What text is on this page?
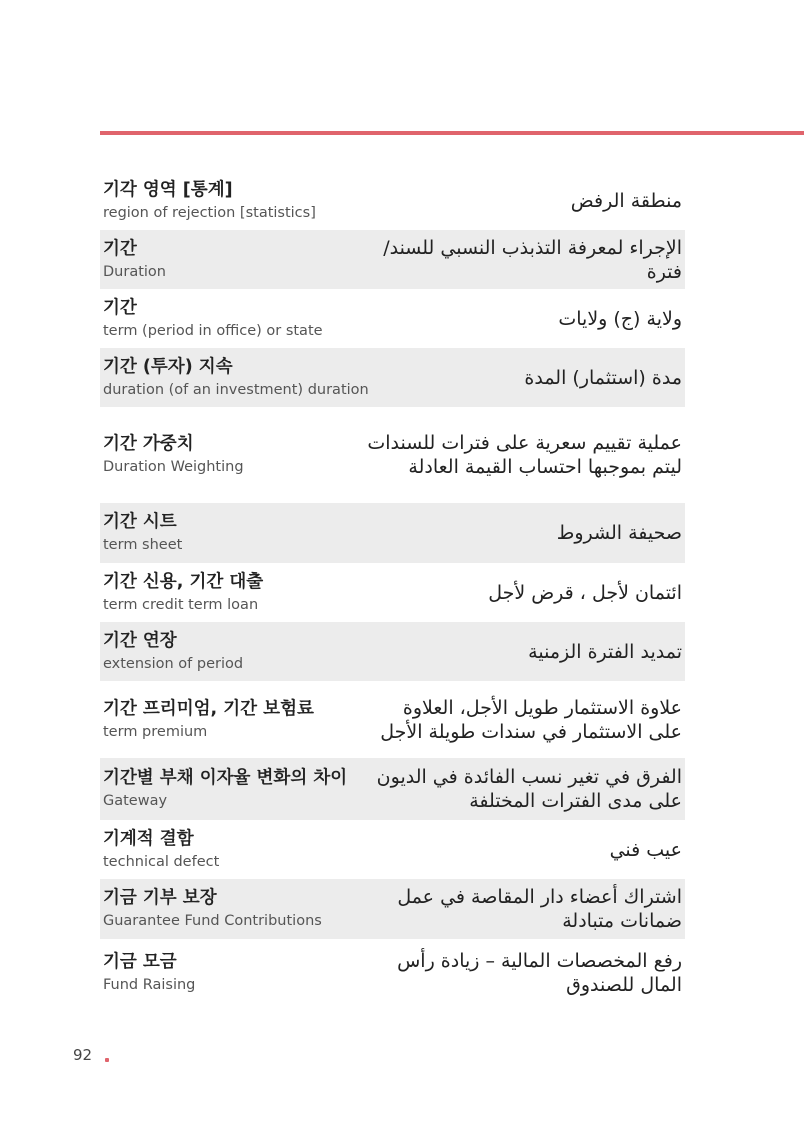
기각 영역 [통계]
region of rejection [statistics]
منطقة الرفض
기간
Duration
الإجراء لمعرفة التذبذب النسبي للسند/ فترة
기간
term (period in office) or state
ولاية (ج) ولايات
기간 (투자) 지속
duration (of an investment) duration
مدة (استثمار) المدة
기간 가중치
Duration Weighting
عملية تقييم سعرية على فترات للسندات ليتم بموجبها احتساب القيمة العادلة
기간 시트
term sheet
صحيفة الشروط
기간 신용, 기간 대출
term credit term loan
ائتمان لأجل ، قرض لأجل
기간 연장
extension of period
تمديد الفترة الزمنية
기간 프리미엄, 기간 보험료
term premium
علاوة الاستثمار طويل الأجل، العلاوة على الاستثمار في سندات طويلة الأجل
기간별 부채 이자율 변화의 차이
Gateway
الفرق في تغير نسب الفائدة في الديون على مدى الفترات المختلفة
기계적 결함
technical defect
عيب فني
기금 기부 보장
Guarantee Fund Contributions
اشتراك أعضاء دار المقاصة في عمل ضمانات متبادلة
기금 모금
Fund Raising
رفع المخصصات المالية – زيادة رأس المال للصندوق
92
